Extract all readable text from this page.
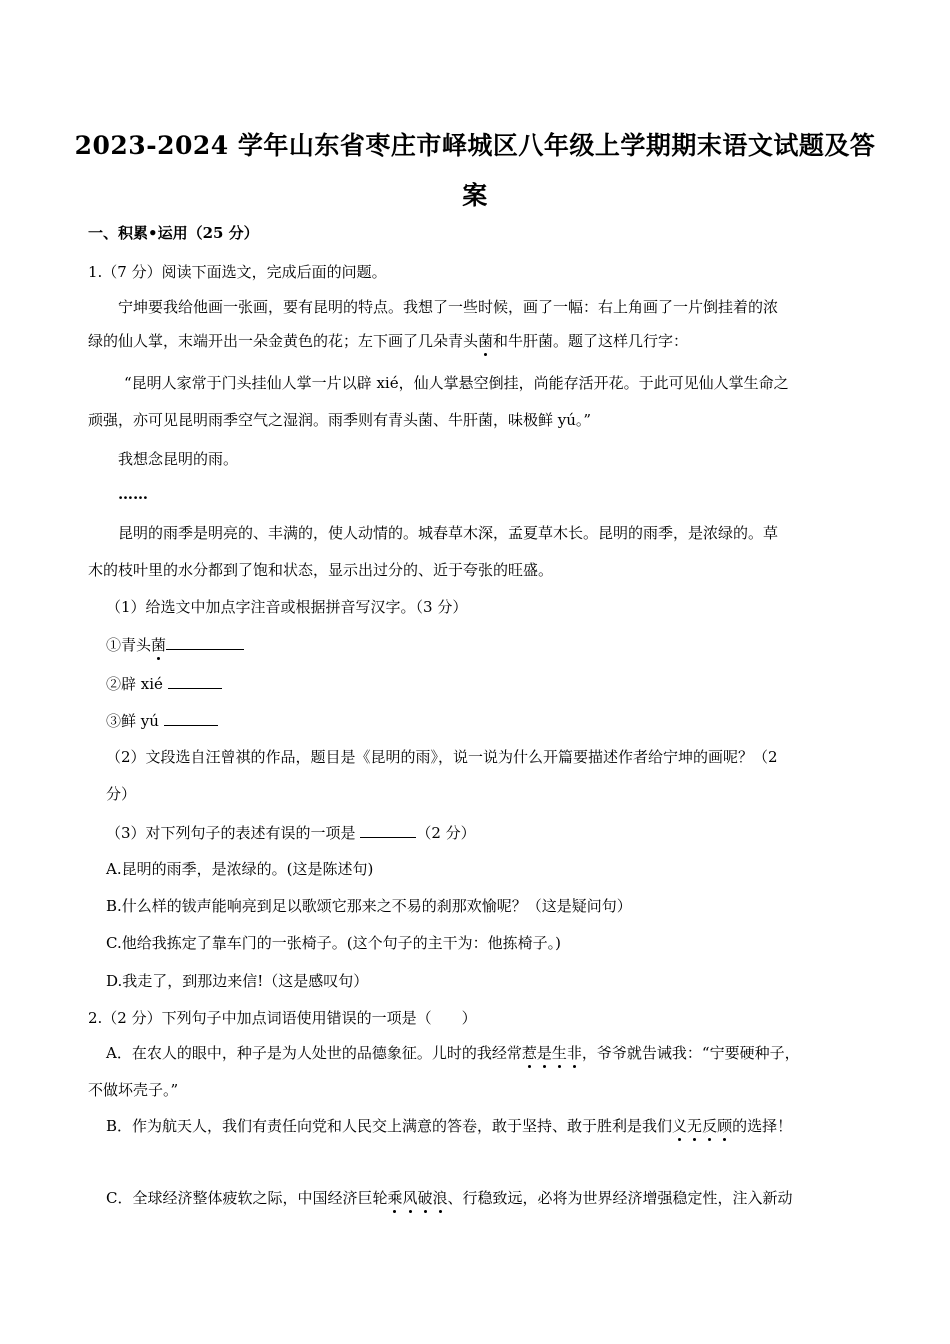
2023-2024 学年山东省枣庄市峄城区八年级上学期期末语文试题及答
案
一、积累•运用（25 分）
1.（7 分）阅读下面选文，完成后面的问题。
宁坤要我给他画一张画，要有昆明的特点。我想了一些时候，画了一幅：右上角画了一片倒挂着的浓
绿的仙人掌，末端开出一朵金黄色的花；左下画了几朵青头菌和牛肝菌。题了这样几行字：
“昆明人家常于门头挂仙人掌一片以辟 xié，仙人掌悬空倒挂，尚能存活开花。于此可见仙人掌生命之
顽强，亦可见昆明雨季空气之湿润。雨季则有青头菌、牛肝菌，味极鲜 yú。”
我想念昆明的雨。
……
昆明的雨季是明亮的、丰满的，使人动情的。城春草木深，孟夏草木长。昆明的雨季，是浓绿的。草
木的枝叶里的水分都到了饱和状态，显示出过分的、近于夸张的旺盛。
（1）给选文中加点字注音或根据拼音写汉字。（3 分）
①青头菌
②辟 xié
③鲜 yú
（2）文段选自汪曾祺的作品，题目是《昆明的雨》，说一说为什么开篇要描述作者给宁坤的画呢？（2
分）
（3）对下列句子的表述有误的一项是	（2 分）
A.昆明的雨季，是浓绿的。(这是陈述句)
B.什么样的钹声能响亮到足以歌颂它那来之不易的刹那欢愉呢？（这是疑问句）
C.他给我拣定了靠车门的一张椅子。(这个句子的主干为：他拣椅子。)
D.我走了，到那边来信!（这是感叹句）
2.（2 分）下列句子中加点词语使用错误的一项是（　　）
A．在农人的眼中，种子是为人处世的品德象征。儿时的我经常惹是生非，爷爷就告诫我：“宁要硬种子，
不做坏壳子。”
B．作为航天人，我们有责任向党和人民交上满意的答卷，敢于坚持、敢于胜利是我们义无反顾的选择！
C．全球经济整体疲软之际，中国经济巨轮乘风破浪、行稳致远，必将为世界经济增强稳定性，注入新动
